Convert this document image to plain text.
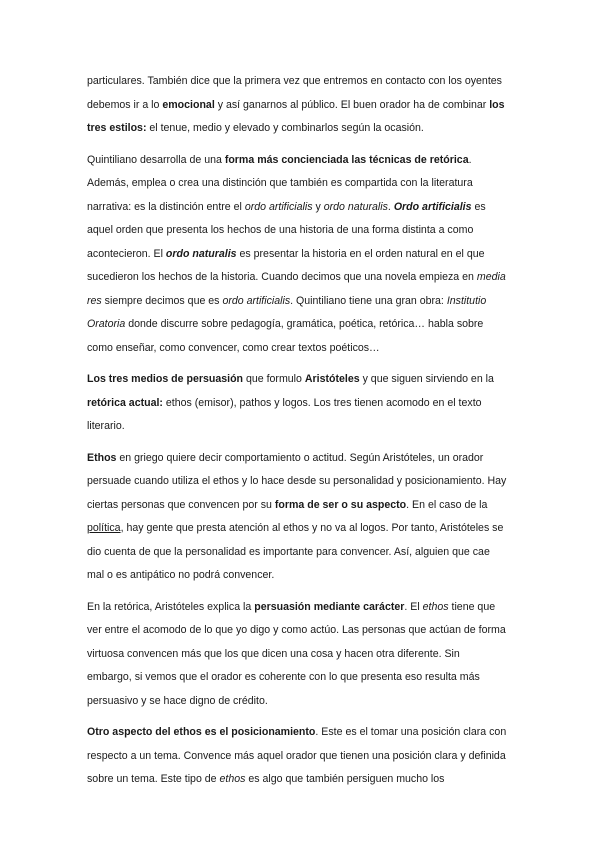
particulares. También dice que la primera vez que entremos en contacto con los oyentes debemos ir a lo emocional y así ganarnos al público. El buen orador ha de combinar los tres estilos: el tenue, medio y elevado y combinarlos según la ocasión.

Quintiliano desarrolla de una forma más concienciada las técnicas de retórica. Además, emplea o crea una distinción que también es compartida con la literatura narrativa: es la distinción entre el ordo artificialis y ordo naturalis. Ordo artificialis es aquel orden que presenta los hechos de una historia de una forma distinta a como acontecieron. El ordo naturalis es presentar la historia en el orden natural en el que sucedieron los hechos de la historia. Cuando decimos que una novela empieza en media res siempre decimos que es ordo artificialis. Quintiliano tiene una gran obra: Institutio Oratoria donde discurre sobre pedagogía, gramática, poética, retórica… habla sobre como enseñar, como convencer, como crear textos poéticos…

Los tres medios de persuasión que formulo Aristóteles y que siguen sirviendo en la retórica actual: ethos (emisor), pathos y logos. Los tres tienen acomodo en el texto literario.

Ethos en griego quiere decir comportamiento o actitud. Según Aristóteles, un orador persuade cuando utiliza el ethos y lo hace desde su personalidad y posicionamiento. Hay ciertas personas que convencen por su forma de ser o su aspecto. En el caso de la política, hay gente que presta atención al ethos y no va al logos. Por tanto, Aristóteles se dio cuenta de que la personalidad es importante para convencer. Así, alguien que cae mal o es antipático no podrá convencer.

En la retórica, Aristóteles explica la persuasión mediante carácter. El ethos tiene que ver entre el acomodo de lo que yo digo y como actúo. Las personas que actúan de forma virtuosa convencen más que los que dicen una cosa y hacen otra diferente. Sin embargo, si vemos que el orador es coherente con lo que presenta eso resulta más persuasivo y se hace digno de crédito.

Otro aspecto del ethos es el posicionamiento. Este es el tomar una posición clara con respecto a un tema. Convence más aquel orador que tienen una posición clara y definida sobre un tema. Este tipo de ethos es algo que también persiguen mucho los
